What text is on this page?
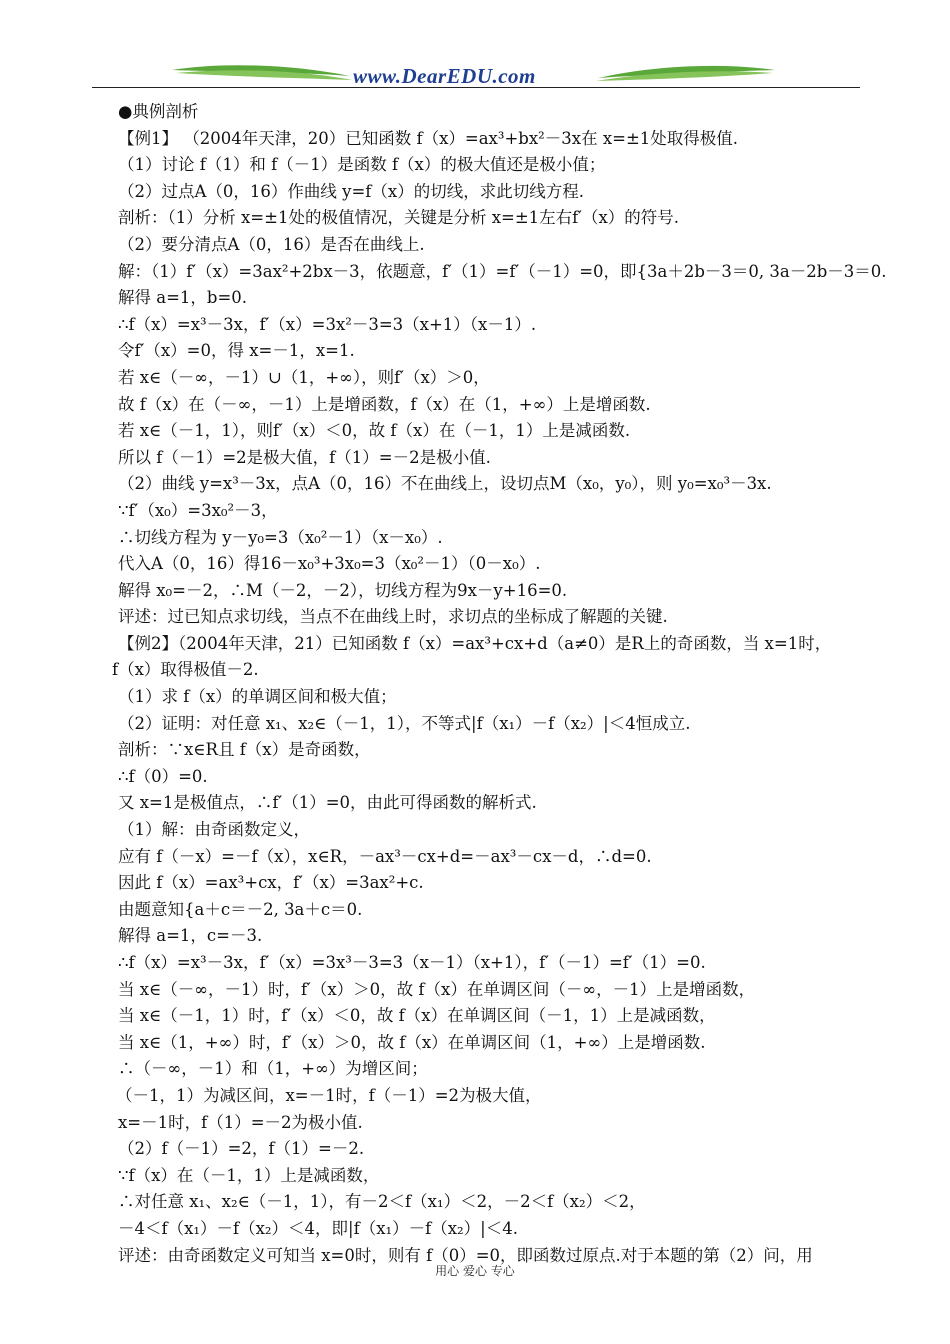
www.DearEDU.com
●典例剖析
【例1】 （2004年天津，20）已知函数 f（x）=ax³+bx²－3x在 x=±1处取得极值.
（1）讨论 f（1）和 f（－1）是函数 f（x）的极大值还是极小值；
（2）过点A（0，16）作曲线 y=f（x）的切线，求此切线方程.
剖析：（1）分析 x=±1处的极值情况，关键是分析 x=±1左右f′（x）的符号.
（2）要分清点A（0，16）是否在曲线上.
解：（1）f′（x）=3ax²+2bx－3，依题意，f′（1）=f′（－1）=0，即{3a＋2b－3＝0, 3a－2b－3＝0.
解得 a=1，b=0.
∴f（x）=x³－3x，f′（x）=3x²－3=3（x+1）（x－1）.
令f′（x）=0，得 x=－1，x=1.
若 x∈（－∞，－1）∪（1，+∞），则f′（x）＞0，
故 f（x）在（－∞，－1）上是增函数，f（x）在（1，+∞）上是增函数.
若 x∈（－1，1），则f′（x）＜0，故 f（x）在（－1，1）上是减函数.
所以 f（－1）=2是极大值，f（1）=－2是极小值.
（2）曲线 y=x³－3x，点A（0，16）不在曲线上，设切点M（x₀，y₀），则 y₀=x₀³－3x.
∵f′（x₀）=3x₀²－3，
∴切线方程为 y－y₀=3（x₀²－1）（x－x₀）.
代入A（0，16）得16－x₀³+3x₀=3（x₀²－1）（0－x₀）.
解得 x₀=－2，∴M（－2，－2），切线方程为9x－y+16=0.
评述：过已知点求切线，当点不在曲线上时，求切点的坐标成了解题的关键.
【例2】（2004年天津，21）已知函数 f（x）=ax³+cx+d（a≠0）是R上的奇函数，当 x=1时，
f（x）取得极值－2.
（1）求 f（x）的单调区间和极大值；
（2）证明：对任意 x₁、x₂∈（－1，1），不等式|f（x₁）－f（x₂）|＜4恒成立.
剖析：∵x∈R且 f（x）是奇函数，
∴f（0）=0.
又 x=1是极值点，∴f′（1）=0，由此可得函数的解析式.
（1）解：由奇函数定义，
应有 f（－x）=－f（x），x∈R，－ax³－cx+d=－ax³－cx－d，∴d=0.
因此 f（x）=ax³+cx，f′（x）=3ax²+c.
由题意知{a＋c＝－2, 3a＋c＝0.
解得 a=1，c=－3.
∴f（x）=x³－3x，f′（x）=3x³－3=3（x－1）（x+1），f′（－1）=f′（1）=0.
当 x∈（－∞，－1）时，f′（x）＞0，故 f（x）在单调区间（－∞，－1）上是增函数，
当 x∈（－1，1）时，f′（x）＜0，故 f（x）在单调区间（－1，1）上是减函数，
当 x∈（1，+∞）时，f′（x）＞0，故 f（x）在单调区间（1，+∞）上是增函数.
∴（－∞，－1）和（1，+∞）为增区间；
（－1，1）为减区间，x=－1时，f（－1）=2为极大值，
x=－1时，f（1）=－2为极小值.
（2）f（－1）=2，f（1）=－2.
∵f（x）在（－1，1）上是减函数，
∴对任意 x₁、x₂∈（－1，1），有－2＜f（x₁）＜2，－2＜f（x₂）＜2，
－4＜f（x₁）－f（x₂）＜4，即|f（x₁）－f（x₂）|＜4.
评述：由奇函数定义可知当 x=0时，则有 f（0）=0，即函数过原点.对于本题的第（2）问，用
用心 爱心 专心
